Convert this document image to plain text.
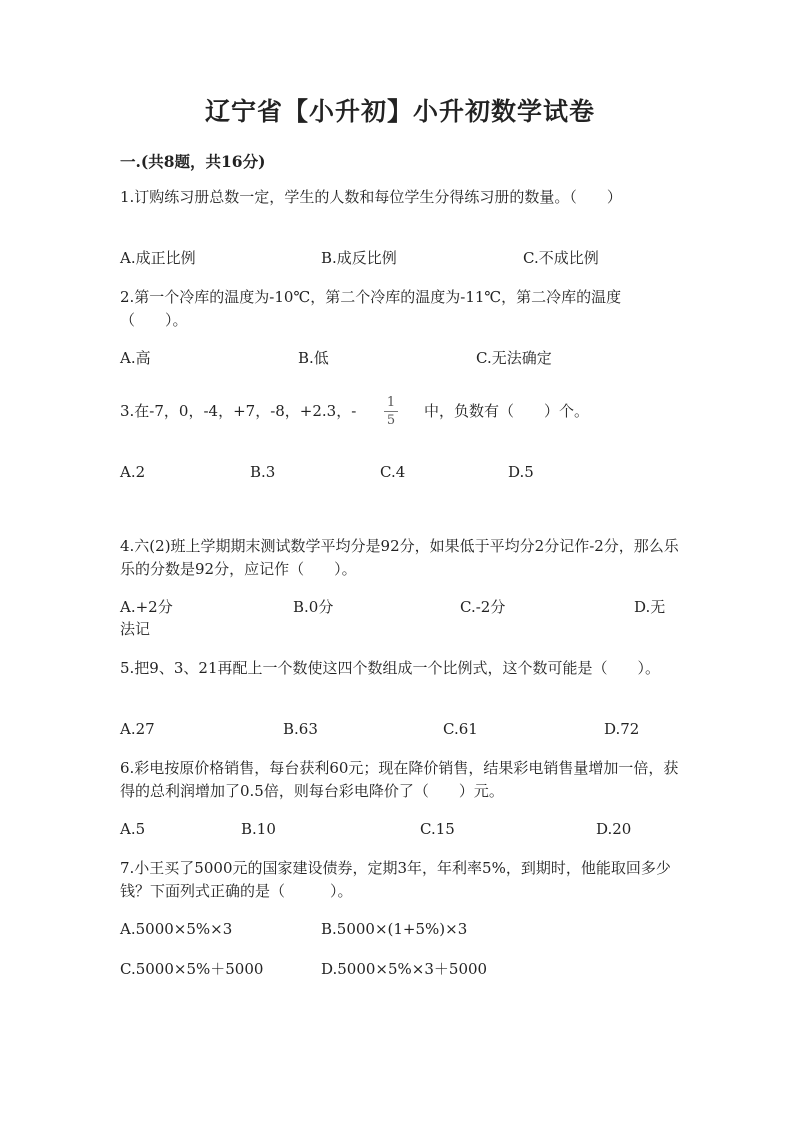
辽宁省【小升初】小升初数学试卷
一.(共8题，共16分)
1.订购练习册总数一定，学生的人数和每位学生分得练习册的数量。（　　）
A.成正比例	B.成反比例	C.不成比例
2.第一个冷库的温度为-10℃，第二个冷库的温度为-11℃，第二冷库的温度（　　）。
A.高	B.低	C.无法确定
3.在-7，0，-4，+7，-8，+2.3，- 1
5
中，负数有（　　）个。
A.2	B.3	C.4	D.5
4.六(2)班上学期期末测试数学平均分是92分，如果低于平均分2分记作-2分，那么乐乐的分数是92分，应记作（　　）。
A.+2分	B.0分	C.-2分	D.无
法记
5.把9、3、21再配上一个数使这四个数组成一个比例式，这个数可能是（　　）。
A.27	B.63	C.61	D.72
6.彩电按原价格销售，每台获利60元；现在降价销售，结果彩电销售量增加一倍，获得的总利润增加了0.5倍，则每台彩电降价了（　　）元。
A.5	B.10	C.15	D.20
7.小王买了5000元的国家建设债券，定期3年，年利率5%，到期时，他能取回多少钱？下面列式正确的是（　　　）。
A.5000×5%×3	B.5000×(1+5%)×3
C.5000×5%＋5000	D.5000×5%×3＋5000
